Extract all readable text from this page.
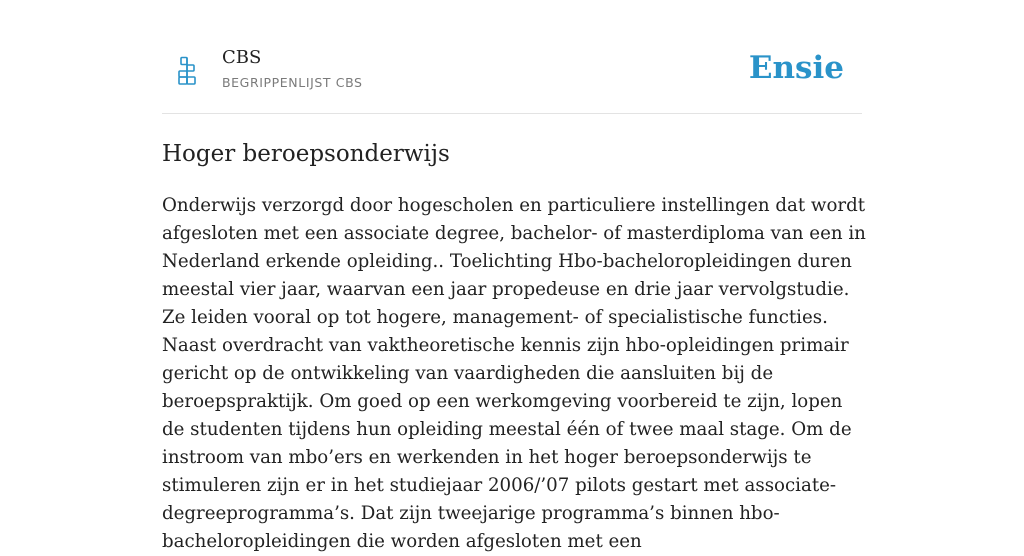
CBS
BEGRIPPENLIJST CBS	Ensie
Hoger beroepsonderwijs

Onderwijs verzorgd door hogescholen en particuliere instellingen dat wordt afgesloten met een associate degree, bachelor- of masterdiploma van een in Nederland erkende opleiding.. Toelichting Hbo-bacheloropleidingen duren meestal vier jaar, waarvan een jaar propedeuse en drie jaar vervolgstudie. Ze leiden vooral op tot hogere, management- of specialistische functies. Naast overdracht van vaktheoretische kennis zijn hbo-opleidingen primair gericht op de ontwikkeling van vaardigheden die aansluiten bij de beroepspraktijk. Om goed op een werkomgeving voorbereid te zijn, lopen de studenten tijdens hun opleiding meestal één of twee maal stage. Om de instroom van mbo’ers en werkenden in het hoger beroepsonderwijs te stimuleren zijn er in het studiejaar 2006/’07 pilots gestart met associate- degreeprogramma’s. Dat zijn tweejarige programma’s binnen hbo-bacheloropleidingen die worden afgesloten met een
